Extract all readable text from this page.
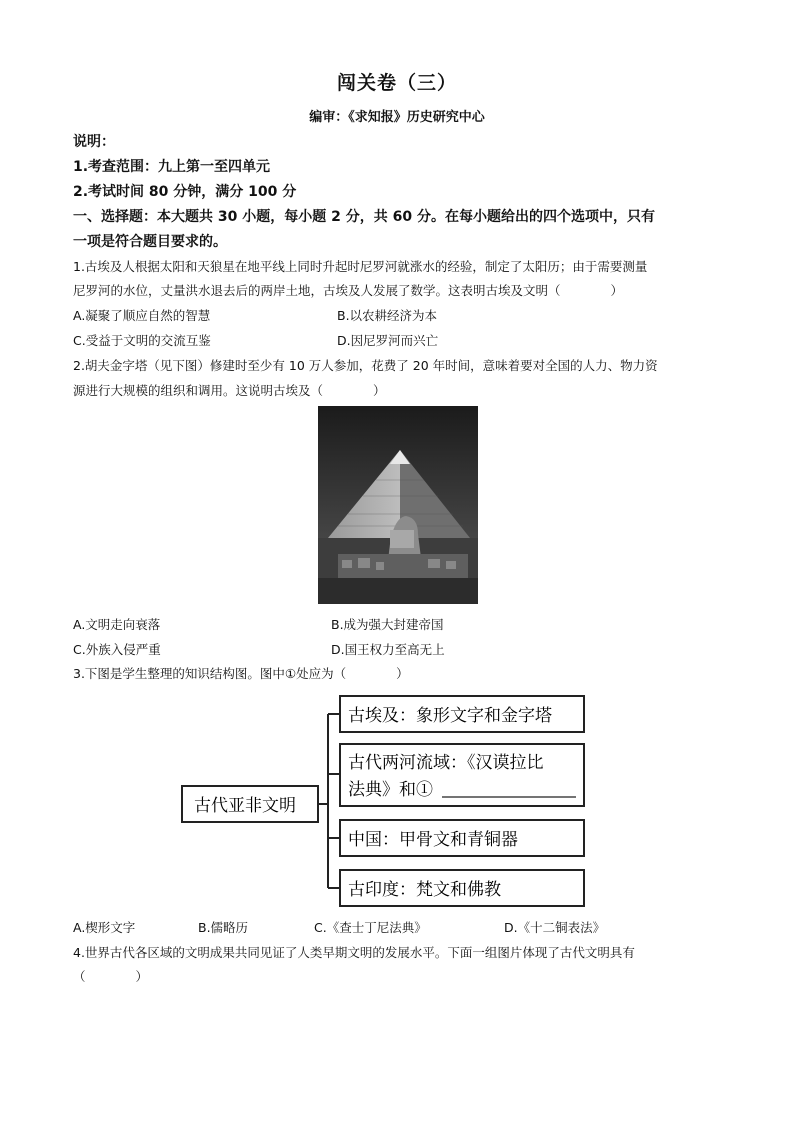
闯关卷（三）
编审：《求知报》历史研究中心
说明：
1.考查范围：九上第一至四单元
2.考试时间 80 分钟，满分 100 分
一、选择题：本大题共 30 小题，每小题 2 分，共 60 分。在每小题给出的四个选项中，只有
一项是符合题目要求的。
1.古埃及人根据太阳和天狼星在地平线上同时升起时尼罗河就涨水的经验，制定了太阳历；由于需要测量
尼罗河的水位，丈量洪水退去后的两岸土地，古埃及人发展了数学。这表明古埃及文明（　　　　）
A.凝聚了顺应自然的智慧	B.以农耕经济为本
C.受益于文明的交流互鉴	D.因尼罗河而兴亡
2.胡夫金字塔（见下图）修建时至少有 10 万人参加，花费了 20 年时间，意味着要对全国的人力、物力资
源进行大规模的组织和调用。这说明古埃及（　　　　）
A.文明走向衰落	B.成为强大封建帝国
C.外族入侵严重	D.国王权力至高无上
3.下图是学生整理的知识结构图。图中①处应为（　　　　）
古代亚非文明
古埃及：象形文字和金字塔
古代两河流域：《汉谟拉比
法典》和①
中国：甲骨文和青铜器
古印度：梵文和佛教
A.楔形文字	B.儒略历	C.《查士丁尼法典》	D.《十二铜表法》
4.世界古代各区域的文明成果共同见证了人类早期文明的发展水平。下面一组图片体现了古代文明具有
（　　　　）
